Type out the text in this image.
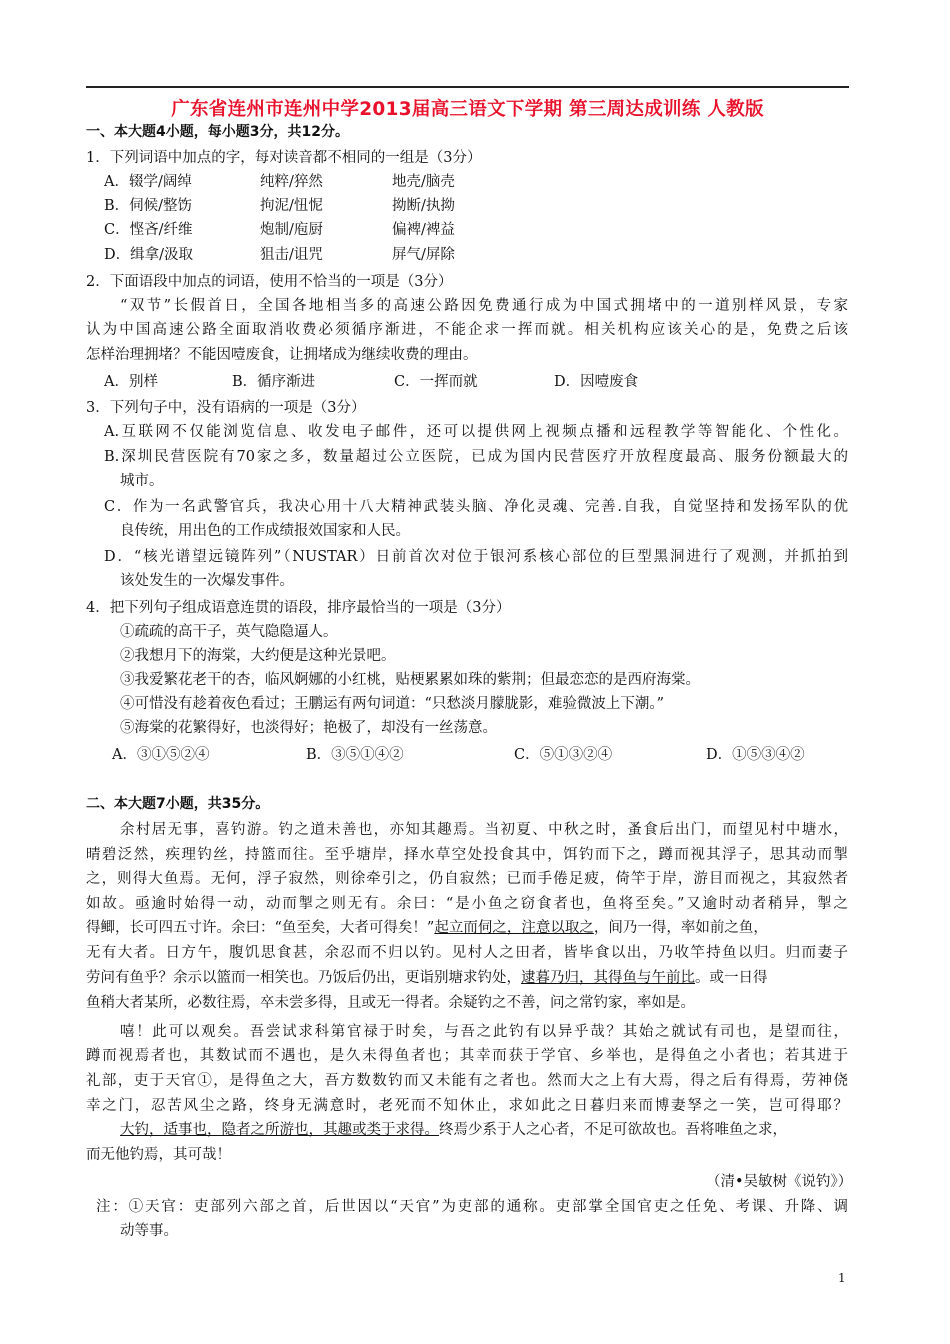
广东省连州市连州中学2013届高三语文下学期 第三周达成训练 人教版
一、本大题4小题，每小题3分，共12分。
1．下列词语中加点的字，每对读音都不相同的一组是（3分）
A．辍学/阔绰	纯粹/猝然	地壳/脑壳
B．伺候/整饬	拘泥/忸怩	拗断/执拗
C．悭吝/纤维	炮制/庖厨	偏裨/裨益
D．缉拿/汲取	狙击/诅咒	屏气/屏除
2．下面语段中加点的词语，使用不恰当的一项是（3分）
“双节”长假首日，全国各地相当多的高速公路因免费通行成为中国式拥堵中的一道别样风景，专家
认为中国高速公路全面取消收费必须循序渐进，不能企求一挥而就。相关机构应该关心的是，免费之后该
怎样治理拥堵？不能因噎废食，让拥堵成为继续收费的理由。
A．别样	B．循序渐进	C．一挥而就	D．因噎废食
3．下列句子中，没有语病的一项是（3分）
A.互联网不仅能浏览信息、收发电子邮件，还可以提供网上视频点播和远程教学等智能化、个性化。
B.深圳民营医院有70家之多，数量超过公立医院，已成为国内民营医疗开放程度最高、服务份额最大的
城市。
C．作为一名武警官兵，我决心用十八大精神武装头脑、净化灵魂、完善.自我，自觉坚持和发扬军队的优
良传统，用出色的工作成绩报效国家和人民。
D．“核光谱望远镜阵列”（NUSTAR）日前首次对位于银河系核心部位的巨型黑洞进行了观测，并抓拍到
该处发生的一次爆发事件。
4．把下列句子组成语意连贯的语段，排序最恰当的一项是（3分）
①疏疏的高干子，英气隐隐逼人。
②我想月下的海棠，大约便是这种光景吧。
③我爱繁花老干的杏，临风婀娜的小红桃，贴梗累累如珠的紫荆；但最恋恋的是西府海棠。
④可惜没有趁着夜色看过；王鹏运有两句词道：“只愁淡月朦胧影，难验微波上下潮。”
⑤海棠的花繁得好，也淡得好；艳极了，却没有一丝荡意。
A．③①⑤②④	B．③⑤①④②	C．⑤①③②④	D．①⑤③④②
二、本大题7小题，共35分。
余村居无事，喜钓游。钓之道未善也，亦知其趣焉。当初夏、中秋之时，蚤食后出门，而望见村中塘水，
晴碧泛然，疾理钓丝，持篮而往。至乎塘岸，择水草空处投食其中，饵钓而下之，蹲而视其浮子，思其动而掣
之，则得大鱼焉。无何，浮子寂然，则徐牵引之，仍自寂然；已而手倦足疲，倚竿于岸，游目而视之，其寂然者
如故。亟逾时始得一动，动而掣之则无有。余曰：“是小鱼之窃食者也，鱼将至矣。”又逾时动者稍异，掣之
得鲫，长可四五寸许。余曰：“鱼至矣，大者可得矣！”起立而伺之，注意以取之，间乃一得，率如前之鱼，
无有大者。日方午，腹饥思食甚，余忍而不归以钓。见村人之田者，皆毕食以出，乃收竿持鱼以归。归而妻子
劳问有鱼乎？余示以篮而一相笑也。乃饭后仍出，更诣别塘求钓处，逮暮乃归，其得鱼与午前比。或一日得
鱼稍大者某所，必数往焉，卒未尝多得，且或无一得者。余疑钓之不善，问之常钓家，率如是。
嘻！此可以观矣。吾尝试求科第官禄于时矣，与吾之此钓有以异乎哉？其始之就试有司也，是望而往，
蹲而视焉者也，其数试而不遇也，是久未得鱼者也；其幸而获于学官、乡举也，是得鱼之小者也；若其进于
礼部，吏于天官①，是得鱼之大，吾方数数钓而又未能有之者也。然而大之上有大焉，得之后有得焉，劳神侥
幸之门，忍苦风尘之路，终身无满意时，老死而不知休止，求如此之日暮归来而博妻孥之一笑，岂可得耶？
大钓，适事也，隐者之所游也，其趣或类于求得。终焉少系于人之心者，不足可欲故也。吾将唯鱼之求，
而无他钓焉，其可哉！
（清•吴敏树《说钓》）
注：①天官：吏部列六部之首，后世因以“天官”为吏部的通称。吏部掌全国官吏之任免、考课、升降、调
动等事。
1
